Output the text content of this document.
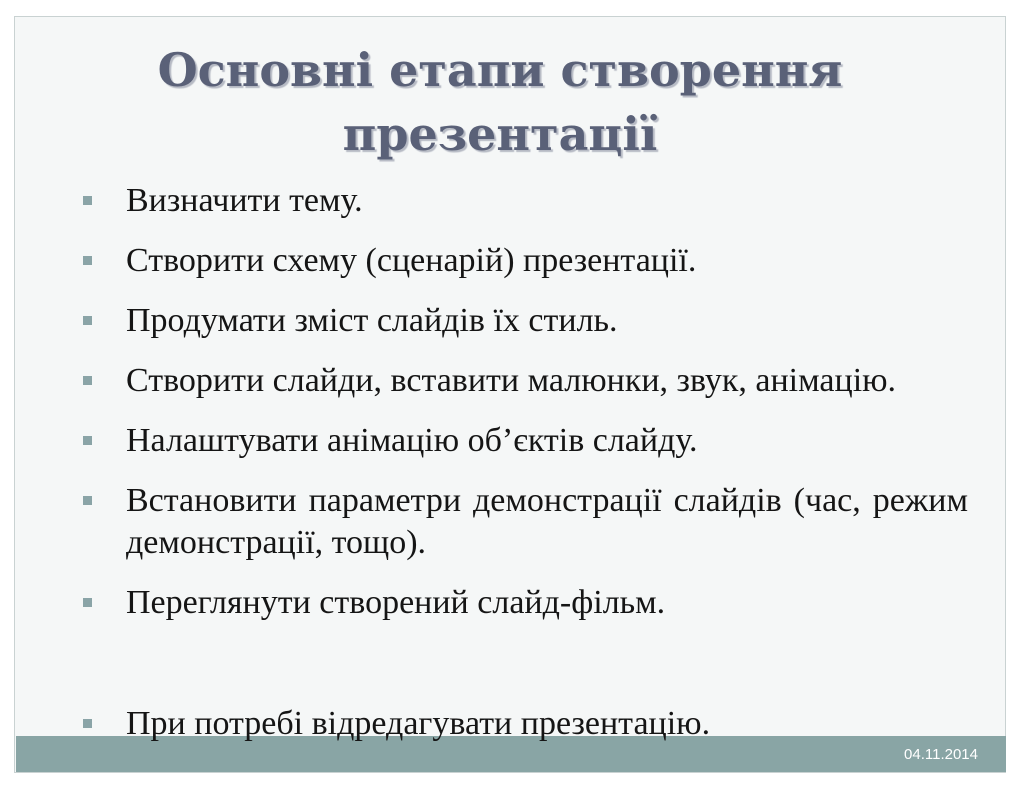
Основні етапи створення
презентації
Визначити тему.
Створити схему (сценарій) презентації.
Продумати зміст слайдів їх стиль.
Створити слайди, вставити малюнки, звук, анімацію.
Налаштувати анімацію об’єктів слайду.
Встановити параметри демонстрації слайдів (час, режим демонстрації, тощо).
Переглянути створений слайд-фільм.
04.11.2014
При потребі відредагувати презентацію.
